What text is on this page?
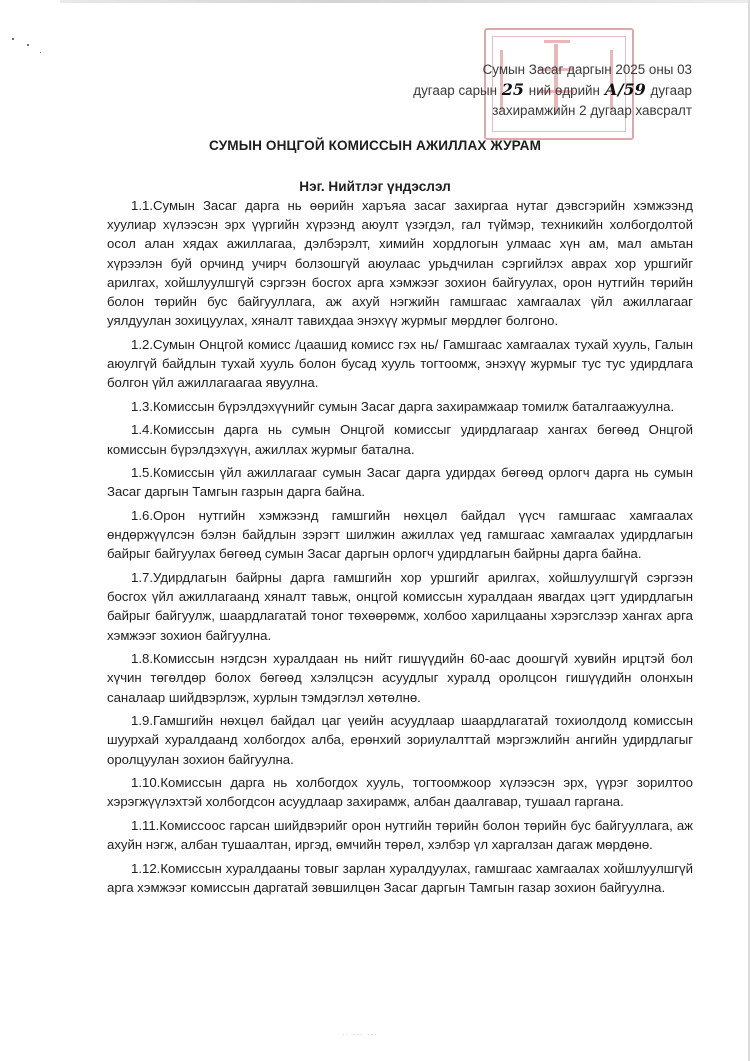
Сумын Засаг даргын 2025 оны 03
дугаар сарын 25 ний өдрийн А/59 дугаар
захирамжийн 2 дугаар хавсралт
СУМЫН ОНЦГОЙ КОМИССЫН АЖИЛЛАХ ЖУРАМ
Нэг. Нийтлэг үндэслэл

1.1.Сумын Засаг дарга нь өөрийн харъяа засаг захиргаа нутаг дэвсгэрийн хэмжээнд хуулиар хүлээсэн эрх үүргийн хүрээнд аюулт үзэгдэл, гал түймэр, техникийн холбогдолтой осол алан хядах ажиллагаа, дэлбэрэлт, химийн хордлогын улмаас хүн ам, мал амьтан хүрээлэн буй орчинд учирч болзошгүй аюулаас урьдчилан сэргийлэх аврах хор уршгийг арилгах, хойшлуулшгүй сэргээн босгох арга хэмжээг зохион байгуулах, орон нутгийн төрийн болон төрийн бус байгууллага, аж ахуй нэгжийн гамшгаас хамгаалах үйл ажиллагааг уялдуулан зохицуулах, хяналт тавихдаа энэхүү журмыг мөрдлөг болгоно.

1.2.Сумын Онцгой комисс /цаашид комисс гэх нь/ Гамшгаас хамгаалах тухай хууль, Галын аюулгүй байдлын тухай хууль болон бусад хууль тогтоомж, энэхүү журмыг тус тус удирдлага болгон үйл ажиллагаагаа явуулна.

1.3.Комиссын бүрэлдэхүүнийг сумын Засаг дарга захирамжаар томилж баталгаажуулна.

1.4.Комиссын дарга нь сумын Онцгой комиссыг удирдлагаар хангах бөгөөд Онцгой комиссын бүрэлдэхүүн, ажиллах журмыг батална.

1.5.Комиссын үйл ажиллагааг сумын Засаг дарга удирдах бөгөөд орлогч дарга нь сумын Засаг даргын Тамгын газрын дарга байна.

1.6.Орон нутгийн хэмжээнд гамшгийн нөхцөл байдал үүсч гамшгаас хамгаалах өндөржүүлсэн бэлэн байдлын зэрэгт шилжин ажиллах үед гамшгаас хамгаалах удирдлагын байрыг байгуулах бөгөөд сумын Засаг даргын орлогч удирдлагын байрны дарга байна.

1.7.Удирдлагын байрны дарга гамшгийн хор уршгийг арилгах, хойшлуулшгүй сэргээн босгох үйл ажиллагаанд хяналт тавьж, онцгой комиссын хуралдаан явагдах цэгт удирдлагын байрыг байгуулж, шаардлагатай тоног төхөөрөмж, холбоо харилцааны хэрэгслээр хангах арга хэмжээг зохион байгуулна.

1.8.Комиссын нэгдсэн хуралдаан нь нийт гишүүдийн 60-аас доошгүй хувийн ирцтэй бол хүчин төгөлдөр болох бөгөөд хэлэлцсэн асуудлыг хуралд оролцсон гишүүдийн олонхын саналаар шийдвэрлэж, хурлын тэмдэглэл хөтөлнө.

1.9.Гамшгийн нөхцөл байдал цаг үеийн асуудлаар шаардлагатай тохиолдолд комиссын шуурхай хуралдаанд холбогдох алба, ерөнхий зориулалттай мэргэжлийн ангийн удирдлагыг оролцуулан зохион байгуулна.

1.10.Комиссын дарга нь холбогдох хууль, тогтоомжоор хүлээсэн эрх, үүрэг зорилтоо хэрэгжүүлэхтэй холбогдсон асуудлаар захирамж, албан даалгавар, тушаал гаргана.

1.11.Комиссоос гарсан шийдвэрийг орон нутгийн төрийн болон төрийн бус байгууллага, аж ахуйн нэгж, албан тушаалтан, иргэд, өмчийн төрөл, хэлбэр үл харгалзан дагаж мөрдөнө.

1.12.Комиссын хуралдааны товыг зарлан хуралдуулах, гамшгаас хамгаалах хойшлуулшгүй арга хэмжээг комиссын даргатай зөвшилцөн Засаг даргын Тамгын газар зохион байгуулна.

·· ··· ···
